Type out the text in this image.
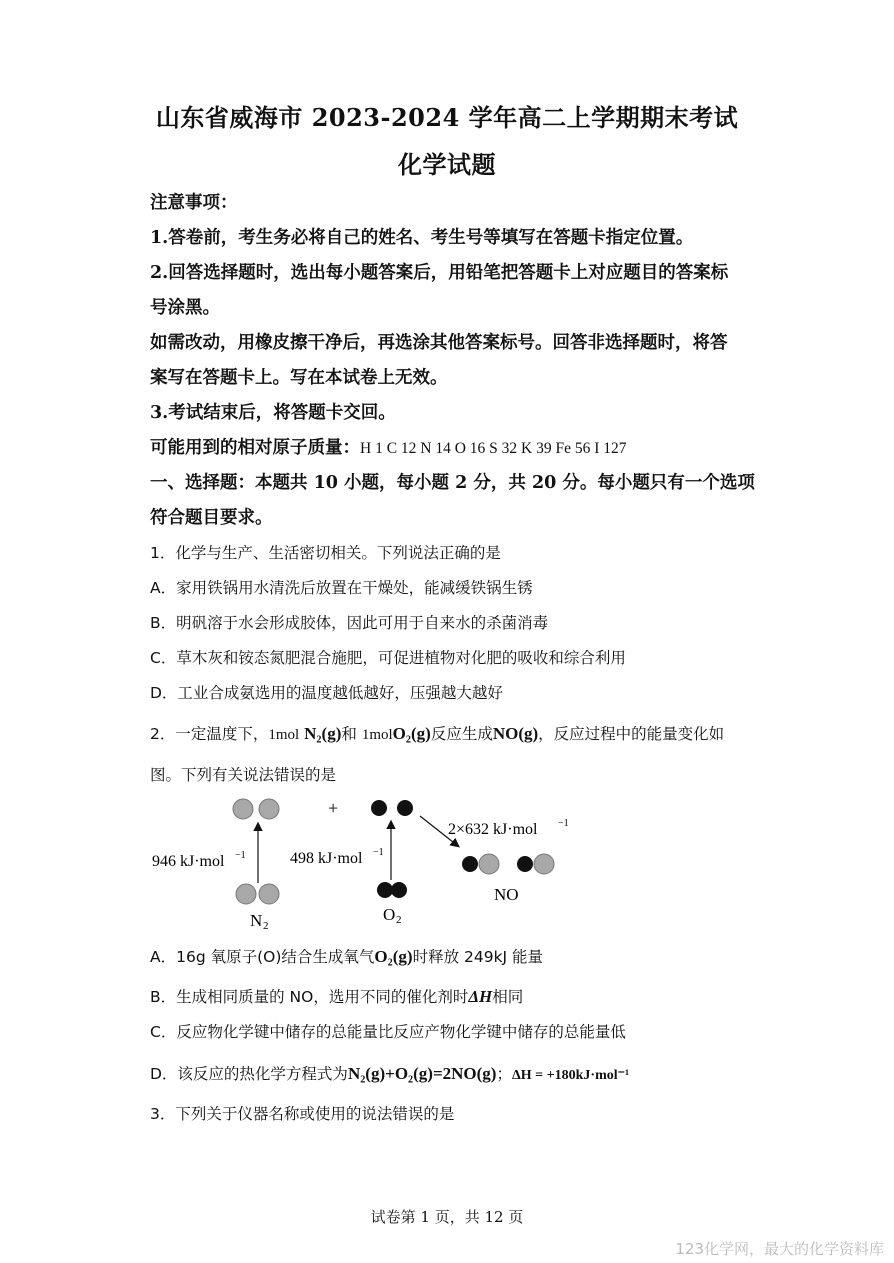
山东省威海市 2023-2024 学年高二上学期期末考试
化学试题
注意事项：
1.答卷前，考生务必将自己的姓名、考生号等填写在答题卡指定位置。
2.回答选择题时，选出每小题答案后，用铅笔把答题卡上对应题目的答案标
号涂黑。
如需改动，用橡皮擦干净后，再选涂其他答案标号。回答非选择题时，将答
案写在答题卡上。写在本试卷上无效。
3.考试结束后，将答题卡交回。
可能用到的相对原子质量：H 1 C 12 N 14 O 16 S 32 K 39 Fe 56 I 127
一、选择题：本题共 10 小题，每小题 2 分，共 20 分。每小题只有一个选项
符合题目要求。
1．化学与生产、生活密切相关。下列说法正确的是
A．家用铁锅用水清洗后放置在干燥处，能减缓铁锅生锈
B．明矾溶于水会形成胶体，因此可用于自来水的杀菌消毒
C．草木灰和铵态氮肥混合施肥，可促进植物对化肥的吸收和综合利用
D．工业合成氨选用的温度越低越好，压强越大越好
2．一定温度下，1mol N₂(g)和 1molO₂(g)反应生成NO(g)，反应过程中的能量变化如
图。下列有关说法错误的是
+
946 kJ·mol −1	498 kJ·mol −1
2×632 kJ·mol −1
N 2
O 2
NO
A．16g 氧原子(O)结合生成氧气O₂(g)时释放 249kJ 能量
B．生成相同质量的 NO，选用不同的催化剂时ΔH相同
C．反应物化学键中储存的总能量比反应产物化学键中储存的总能量低
D．该反应的热化学方程式为N₂(g)+O₂(g)=2NO(g)；ΔH = +180kJ·mol⁻¹
3．下列关于仪器名称或使用的说法错误的是
试卷第 1 页，共 12 页
123化学网，最大的化学资料库
